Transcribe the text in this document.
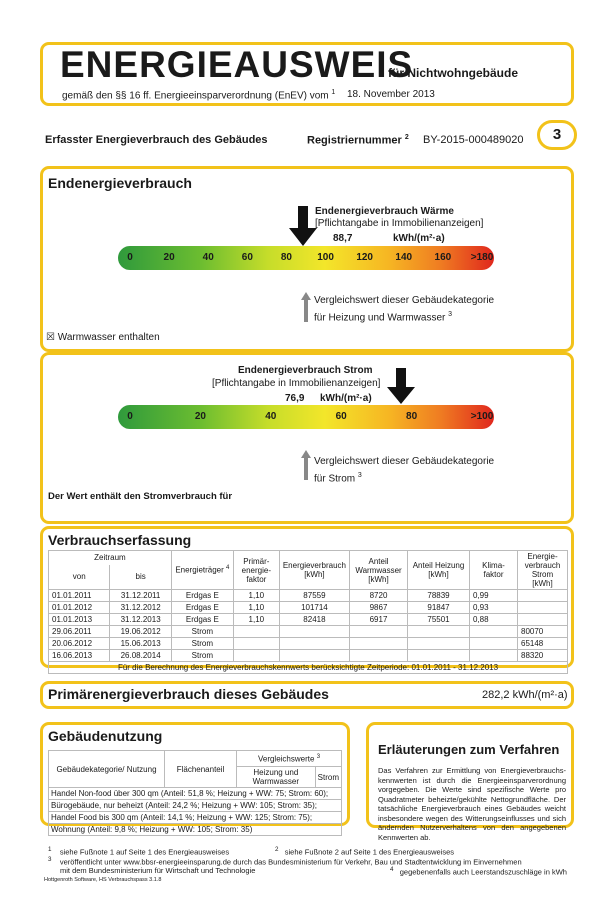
ENERGIEAUSWEIS
für Nichtwohngebäude
gemäß den §§ 16 ff. Energieeinsparverordnung (EnEV) vom $^1$ 18. November 2013
Erfasster Energieverbrauch des Gebäudes	Registriernummer $^2$ BY-2015-000489020	3
Endenergieverbrauch
Endenergieverbrauch Wärme
[Pflichtangabe in Immobilienanzeigen]
88,7	kWh/(m²·a)
0	20	40	60	80	100 120 140 160 >180
Vergleichswert dieser Gebäudekategorie
für Heizung und Warmwasser $^3$
☒ Warmwasser enthalten
Endenergieverbrauch Strom
[Pflichtangabe in Immobilienanzeigen]
76,9 kWh/(m²·a)
0	20	40	60	80	>100
Vergleichswert dieser Gebäudekategorie
für Strom $^3$
Der Wert enthält den Stromverbrauch für
Verbrauchserfassung
Zeitraum		Energieträger $^4$	Primär-energie-faktor	Energieverbrauch [kWh]	Anteil Warmwasser [kWh]	Anteil Heizung [kWh]	Klima-faktor	Energie-verbrauch Strom [kWh]
von	bis							
01.01.2011	31.12.2011	Erdgas E	1,10	87559	8720	78839	0,99	
01.01.2012	31.12.2012	Erdgas E	1,10	101714	9867	91847	0,93	
01.01.2013	31.12.2013	Erdgas E	1,10	82418	6917	75501	0,88	
29.06.2011	19.06.2012	Strom						80070
20.06.2012	15.06.2013	Strom						65148
16.06.2013	26.08.2014	Strom						88320
Für die Berechnung des Energieverbrauchskennwerts berücksichtigte Zeitperiode: 01.01.2011 - 31.12.2013								
Primärenergieverbrauch dieses Gebäudes	282,2 kWh/(m²·a)
Gebäudenutzung
Gebäudekategorie/ Nutzung	Flächenanteil	Vergleichswerte $^3$
		Heizung und Warmwasser	Strom
Handel Non-food über 300 qm (Anteil: 51,8 %; Heizung + WW: 75; Strom: 60);			
Bürogebäude, nur beheizt (Anteil: 24,2 %; Heizung + WW: 105; Strom: 35);			
Handel Food bis 300 qm (Anteil: 14,1 %; Heizung + WW: 125; Strom: 75);			
Wohnung (Anteil: 9,8 %; Heizung + WW: 105; Strom: 35)			
Erläuterungen zum Verfahren
Das Verfahren zur Ermittlung von Energieverbrauchs-kennwerten ist durch die Energieeinsparverordnung vorgegeben. Die Werte sind spezifische Werte pro Quadratmeter beheizte/gekühlte Nettogrundfläche. Der tatsächliche Energieverbrauch eines Gebäudes weicht insbesondere wegen des Witterungseinflusses und sich ändernden Nutzerverhaltens von den angegebenen Kennwerten ab.
$^1$ siehe Fußnote 1 auf Seite 1 des Energieausweises	$^2$ siehe Fußnote 2 auf Seite 1 des Energieausweises
$^3$ veröffentlicht unter www.bbsr-energieeinsparung.de durch das Bundesministerium für Verkehr, Bau und Stadtentwicklung im Einvernehmen
mit dem Bundesministerium für Wirtschaft und Technologie	$^4$ gegebenenfalls auch Leerstandszuschläge in kWh
Hottgenroth Software, HS Verbrauchspass 3.1.8
